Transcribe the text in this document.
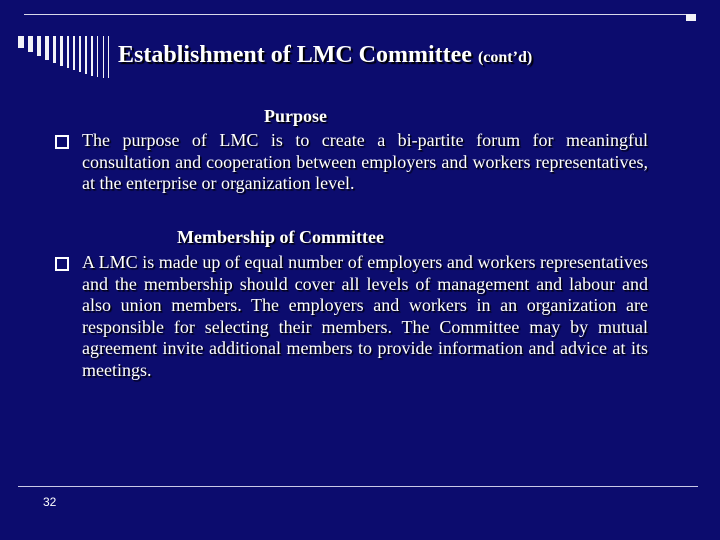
Establishment of LMC Committee (cont’d)
Purpose
The purpose of LMC is to create a bi-partite forum for meaningful consultation and cooperation between employers and workers representatives, at the enterprise or organization level.
Membership of Committee
A LMC is made up of equal number of employers and workers representatives and the membership should cover all levels of management and labour and also union members. The employers and workers in an organization are responsible for selecting their members. The Committee may by mutual agreement invite additional members to provide information and advice at its meetings.
32
